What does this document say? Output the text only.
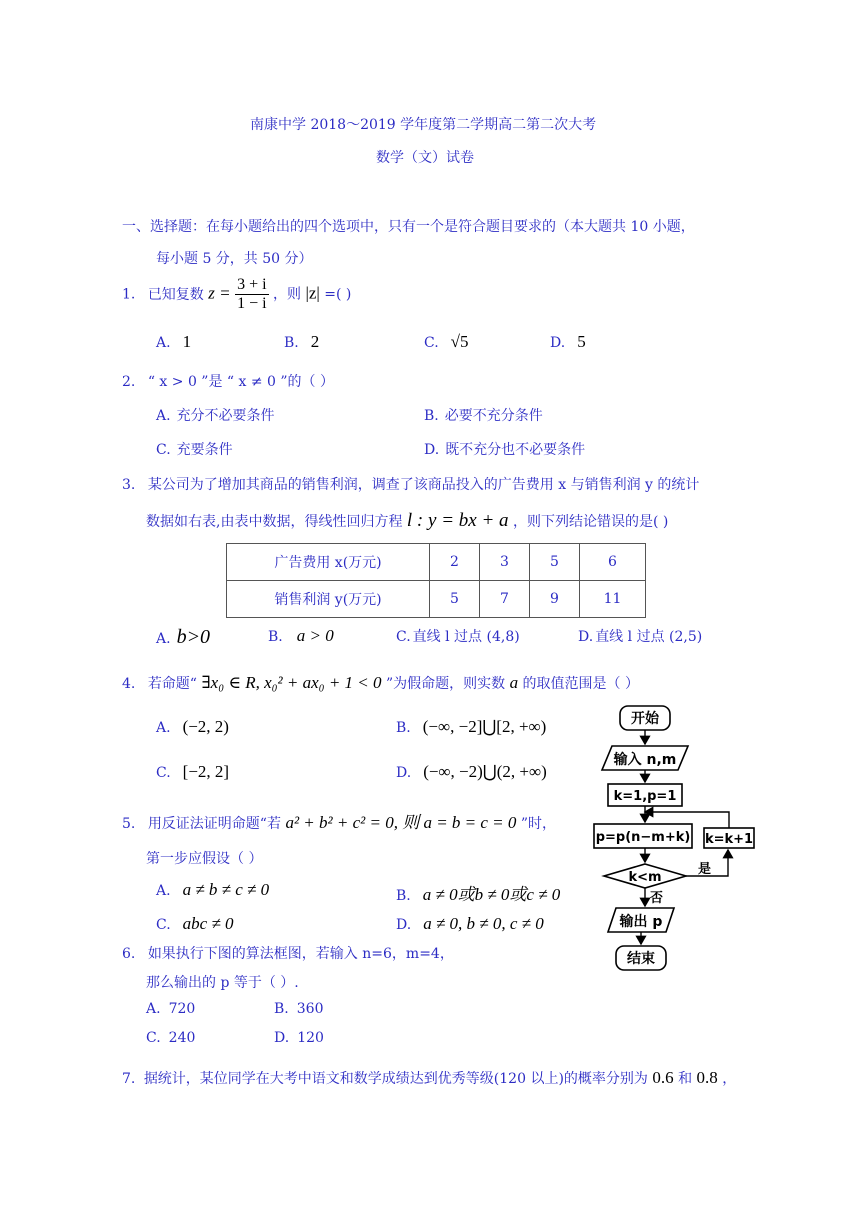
南康中学 2018～2019 学年度第二学期高二第二次大考
数学（文）试卷
一、选择题：在每小题给出的四个选项中，只有一个是符合题目要求的（本大题共 10 小题，
每小题 5 分，共 50 分）
1. 已知复数 $z = \frac{3 + i}{1 - i}$ ，则 |z| =( )
A. 1	B. 2	C. √5	D. 5
2. “ x > 0 ”是 “ x ≠ 0 ”的（ ）
A. 充分不必要条件	B. 必要不充分条件
C. 充要条件	D. 既不充分也不必要条件
3. 某公司为了增加其商品的销售利润，调查了该商品投入的广告费用 x 与销售利润 y 的统计
数据如右表,由表中数据，得线性回归方程 l : y = bx + a ，则下列结论错误的是( )
广告费用 x(万元)	2	3	5	6
销售利润 y(万元)	5	7	9	11
A. b>0	B. a > 0	C. 直线 l 过点 (4,8)	D. 直线 l 过点 (2,5)
4. 若命题“ ∃x₀ ∈ R, x₀² + ax₀ + 1 < 0 ”为假命题，则实数 a 的取值范围是（ ）
A. (−2, 2)	B. (−∞, −2]⋃[2, +∞)
C. [−2, 2]	D. (−∞, −2)⋃(2, +∞)
5. 用反证法证明命题“若 a² + b² + c² = 0, 则 a = b = c = 0 ”时，
第一步应假设（ ）
A. a ≠ b ≠ c ≠ 0	B. a ≠ 0或b ≠ 0或c ≠ 0
C. abc ≠ 0	D. a ≠ 0, b ≠ 0, c ≠ 0
6. 如果执行下图的算法框图，若输入 n=6，m=4，
那么输出的 p 等于（ ）.
A. 720	B. 360
C. 240	D. 120
7. 据统计，某位同学在大考中语文和数学成绩达到优秀等级(120 以上)的概率分别为 0.6 和 0.8 ，
开始
输入 n,m
k=1,p=1
p=p(n−m+k)
k<m
是
k=k+1
否
输出 p
结束
